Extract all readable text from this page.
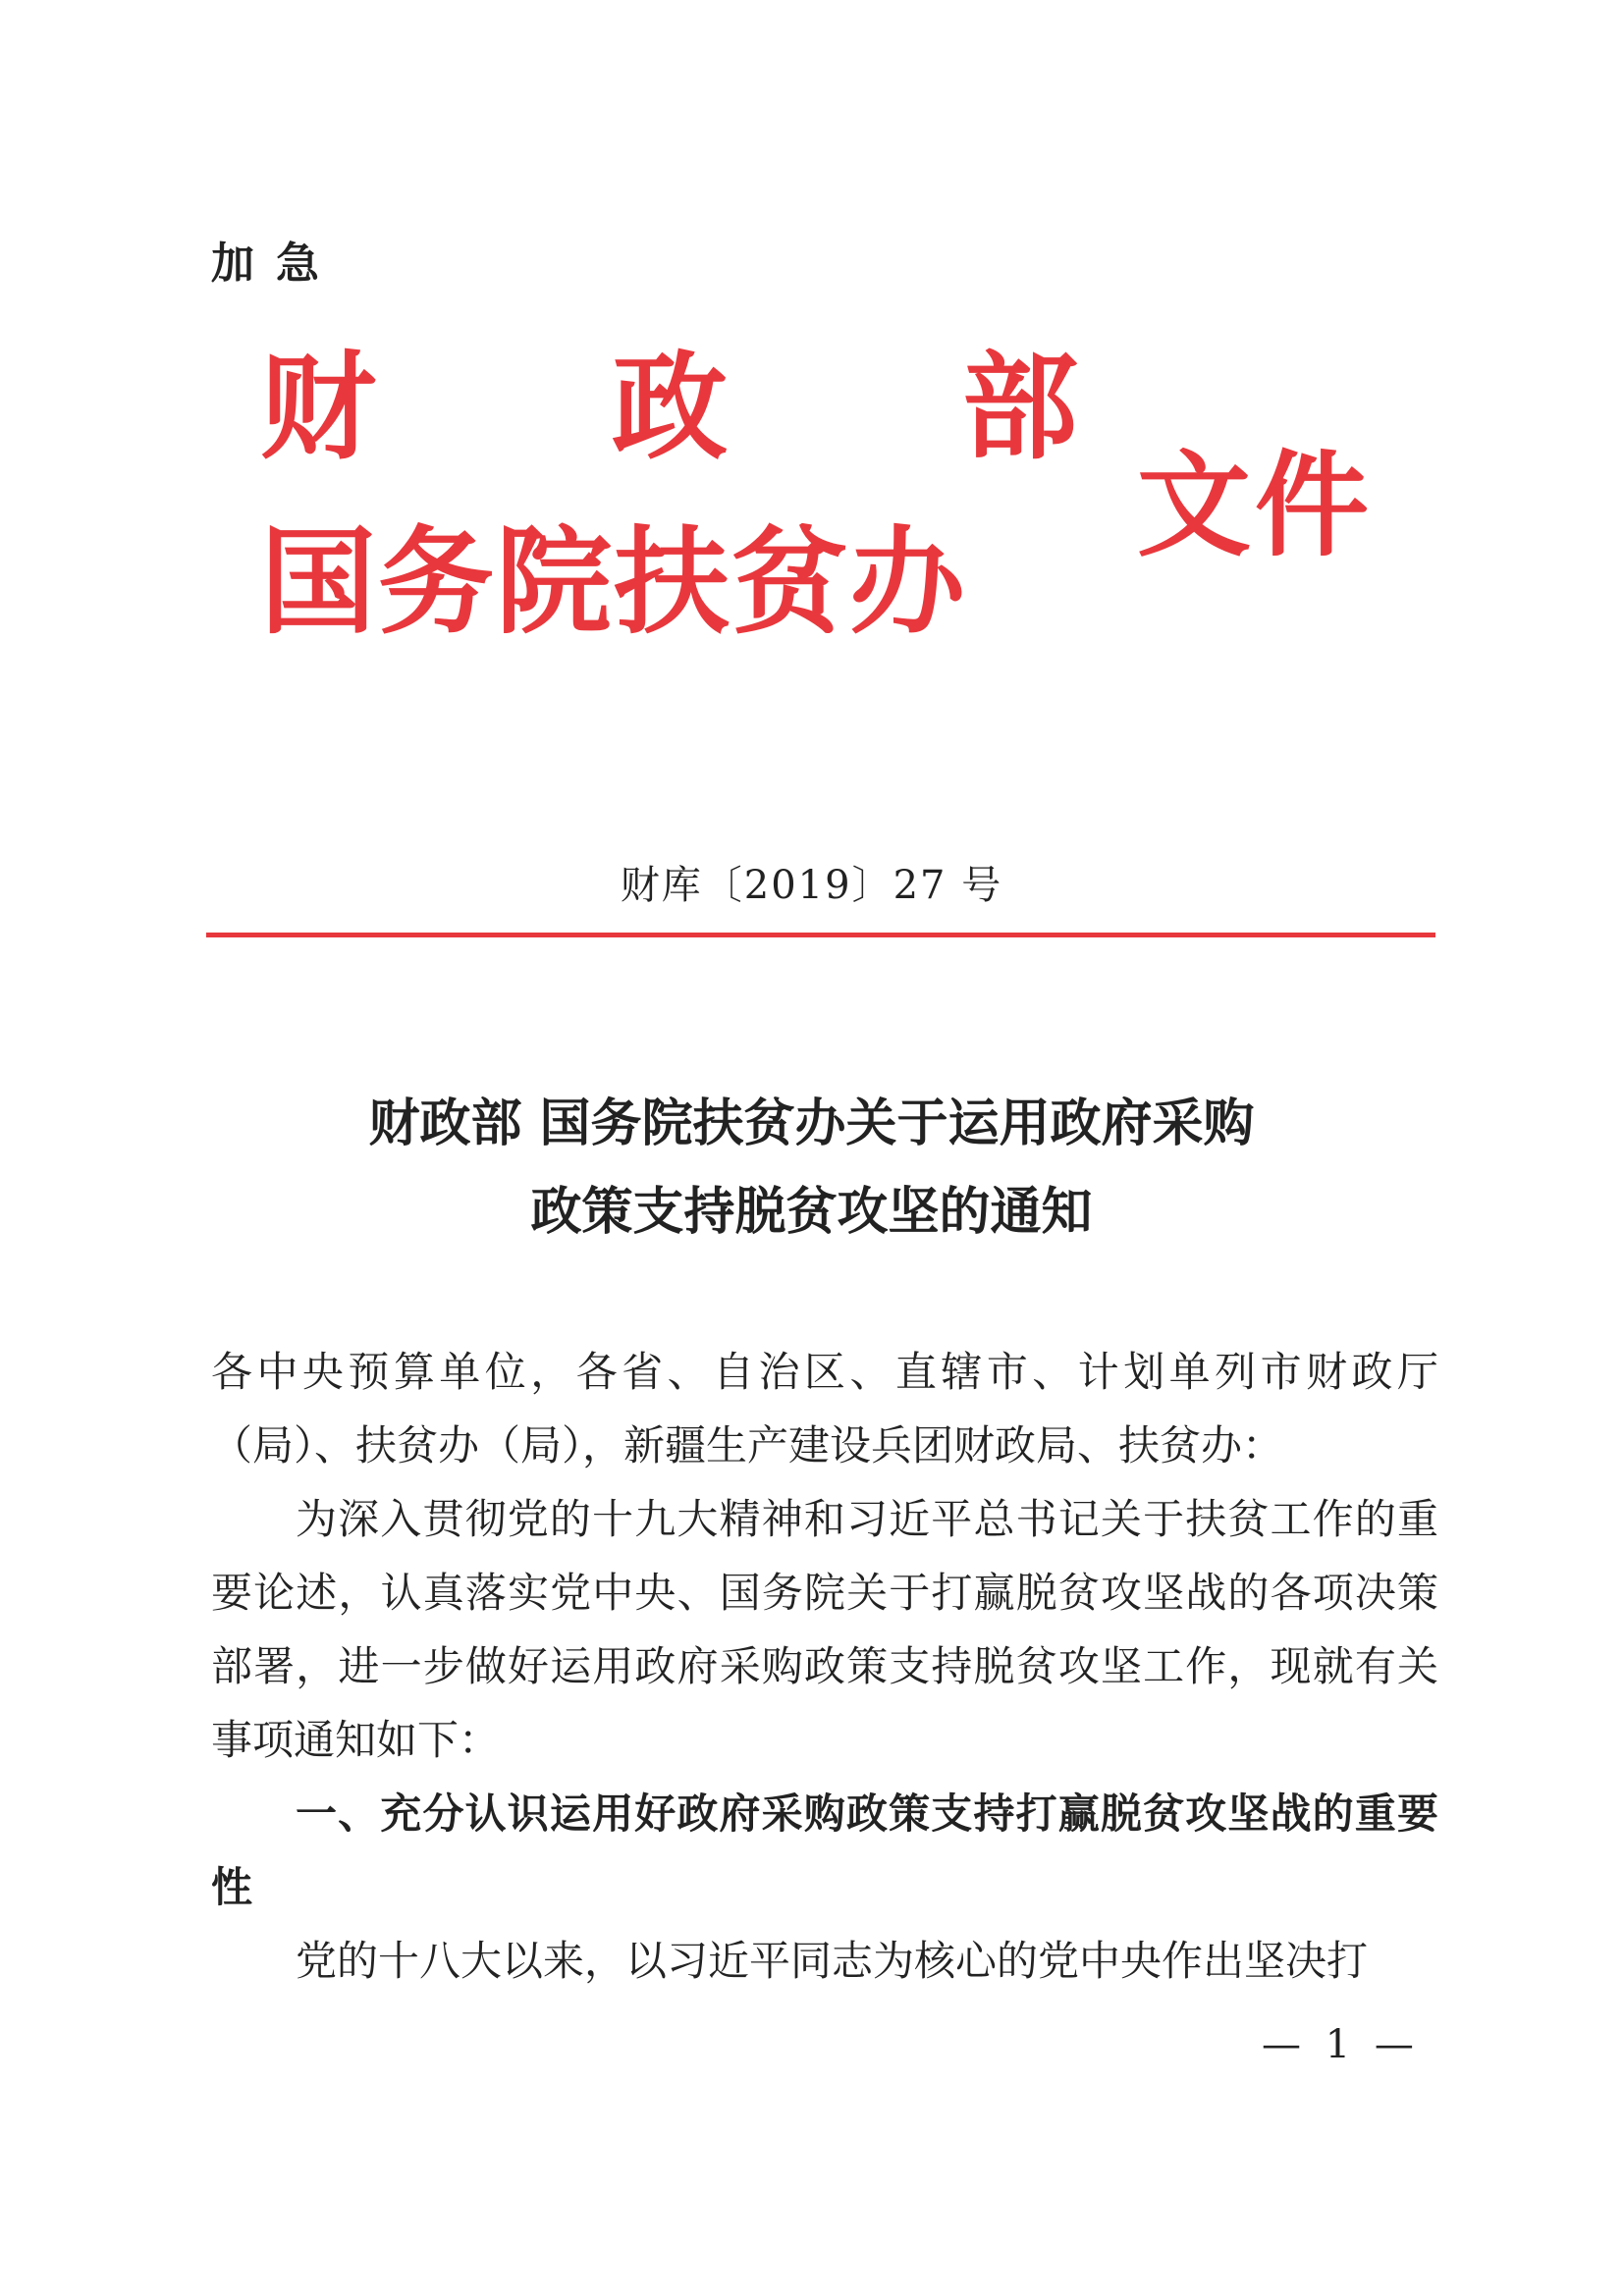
加急
财 政 部
国务院扶贫办
文件
财库〔2019〕27 号
财政部 国务院扶贫办关于运用政府采购
政策支持脱贫攻坚的通知

各中央预算单位，各省、自治区、直辖市、计划单列市财政厅（局）、扶贫办（局），新疆生产建设兵团财政局、扶贫办：

为深入贯彻党的十九大精神和习近平总书记关于扶贫工作的重要论述，认真落实党中央、国务院关于打赢脱贫攻坚战的各项决策部署，进一步做好运用政府采购政策支持脱贫攻坚工作，现就有关事项通知如下：

一、充分认识运用好政府采购政策支持打赢脱贫攻坚战的重要性

党的十八大以来，以习近平同志为核心的党中央作出坚决打

— 1 —
